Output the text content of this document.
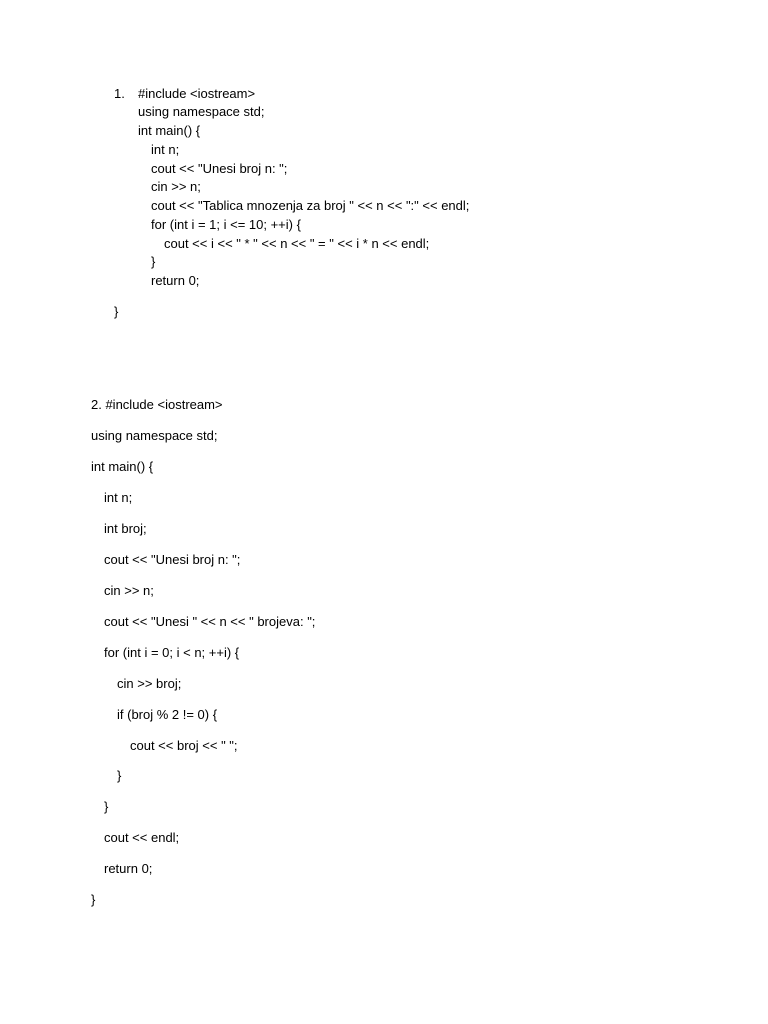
1. #include <iostream>
using namespace std;
int main() {
int n;
cout << "Unesi broj n: ";
cin >> n;
cout << "Tablica mnozenja za broj " << n << ":" << endl;
for (int i = 1; i <= 10; ++i) {
cout << i << " * " << n << " = " << i * n << endl;
}
return 0;
}
2. #include <iostream>
using namespace std;
int main() {
int n;
int broj;
cout << "Unesi broj n: ";
cin >> n;
cout << "Unesi " << n << " brojeva: ";
for (int i = 0; i < n; ++i) {
cin >> broj;
if (broj % 2 != 0) {
cout << broj << " ";
}
}
cout << endl;
return 0;
}
